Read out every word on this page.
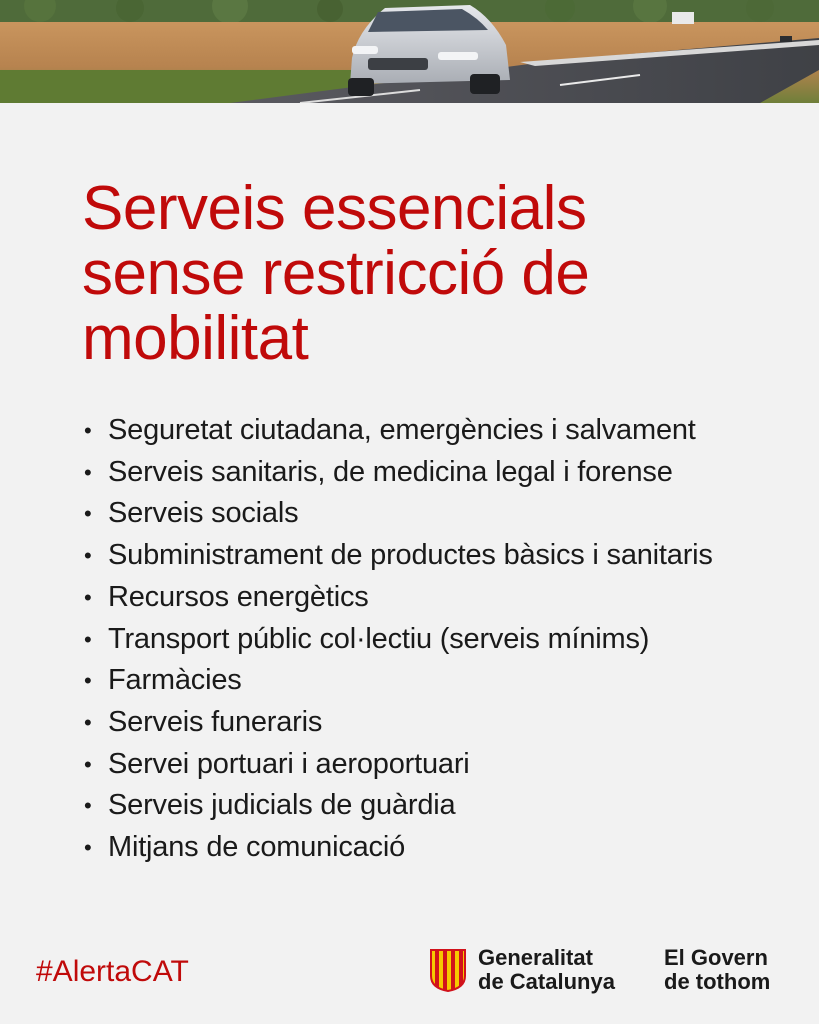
Serveis essencials
sense restricció de
mobilitat
• Seguretat ciutadana, emergències i salvament
• Serveis sanitaris, de medicina legal i forense
• Serveis socials
• Subministrament de productes bàsics i sanitaris
• Recursos energètics
• Transport públic col·lectiu (serveis mínims)
• Farmàcies
• Serveis funeraris
• Servei portuari i aeroportuari
• Serveis judicials de guàrdia
• Mitjans de comunicació
#AlertaCAT	Generalitat
de Catalunya
El Govern
de tothom
